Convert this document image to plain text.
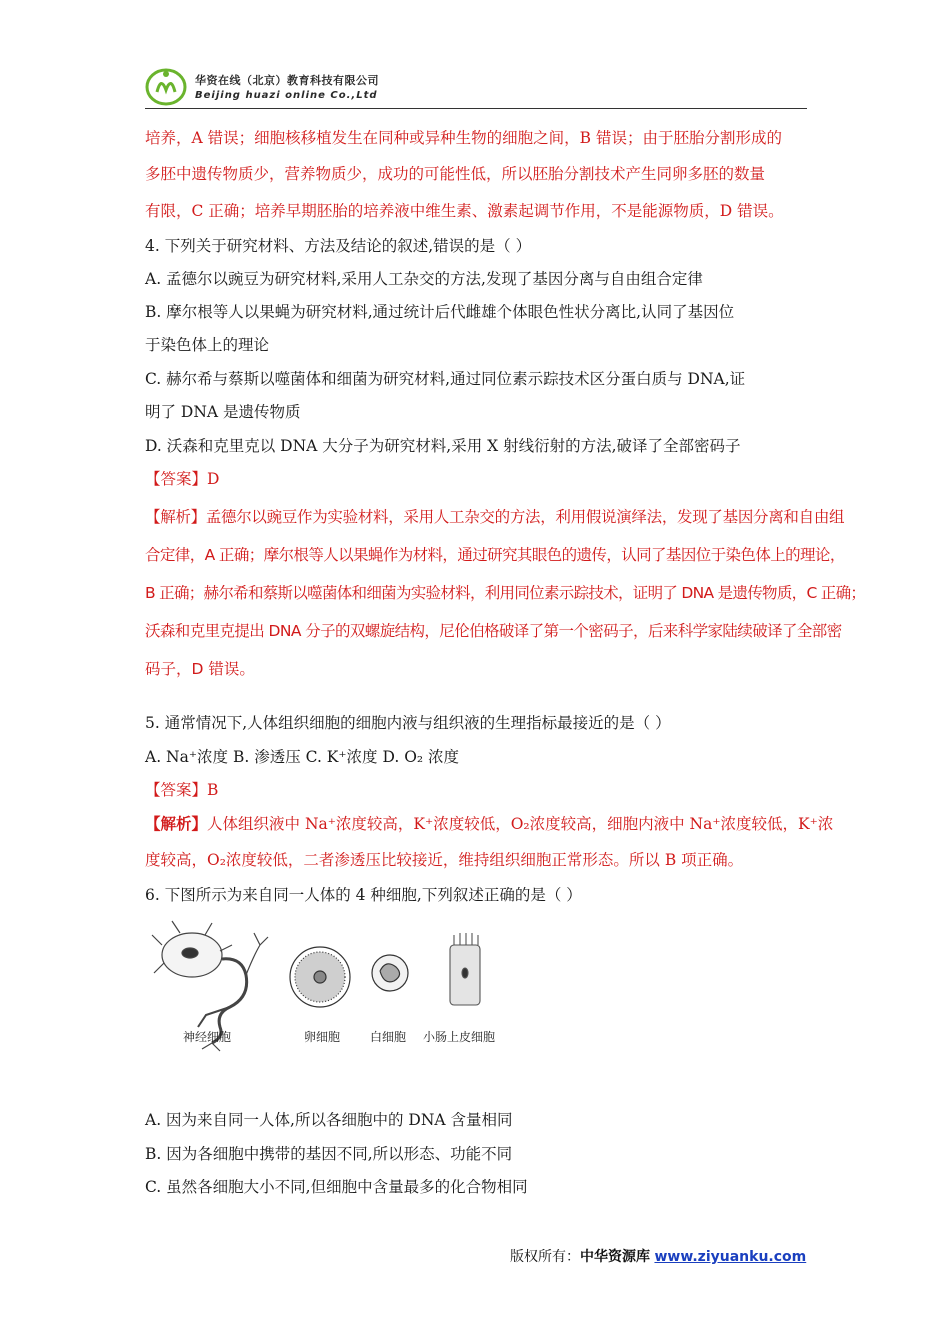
华资在线（北京）教育科技有限公司
Beijing huazi online Co.,Ltd
培养，A 错误；细胞核移植发生在同种或异种生物的细胞之间，B 错误；由于胚胎分割形成的
多胚中遗传物质少，营养物质少，成功的可能性低，所以胚胎分割技术产生同卵多胚的数量
有限，C 正确；培养早期胚胎的培养液中维生素、激素起调节作用，不是能源物质，D 错误。
4. 下列关于研究材料、方法及结论的叙述,错误的是（ ）
A. 孟德尔以豌豆为研究材料,采用人工杂交的方法,发现了基因分离与自由组合定律
B. 摩尔根等人以果蝇为研究材料,通过统计后代雌雄个体眼色性状分离比,认同了基因位
于染色体上的理论
C. 赫尔希与蔡斯以噬菌体和细菌为研究材料,通过同位素示踪技术区分蛋白质与 DNA,证
明了 DNA 是遗传物质
D. 沃森和克里克以 DNA 大分子为研究材料,采用 X 射线衍射的方法,破译了全部密码子
【答案】D
【解析】孟德尔以豌豆作为实验材料，采用人工杂交的方法，利用假说演绎法，发现了基因分离和自由组
合定律，A 正确；摩尔根等人以果蝇作为材料，通过研究其眼色的遗传，认同了基因位于染色体上的理论，
B 正确；赫尔希和蔡斯以噬菌体和细菌为实验材料，利用同位素示踪技术，证明了 DNA 是遗传物质，C 正确；
沃森和克里克提出 DNA 分子的双螺旋结构，尼伦伯格破译了第一个密码子，后来科学家陆续破译了全部密
码子，D 错误。
5. 通常情况下,人体组织细胞的细胞内液与组织液的生理指标最接近的是（ ）
A. Na⁺浓度 B. 渗透压 C. K⁺浓度 D. O₂ 浓度
【答案】B
【解析】人体组织液中 Na⁺浓度较高，K⁺浓度较低，O₂浓度较高，细胞内液中 Na⁺浓度较低，K⁺浓
度较高，O₂浓度较低，二者渗透压比较接近，维持组织细胞正常形态。所以 B 项正确。
6. 下图所示为来自同一人体的 4 种细胞,下列叙述正确的是（ ）
神经细胞	卵细胞 白细胞 小肠上皮细胞
A. 因为来自同一人体,所以各细胞中的 DNA 含量相同
B. 因为各细胞中携带的基因不同,所以形态、功能不同
C. 虽然各细胞大小不同,但细胞中含量最多的化合物相同
版权所有：中华资源库 www.ziyuanku.com
